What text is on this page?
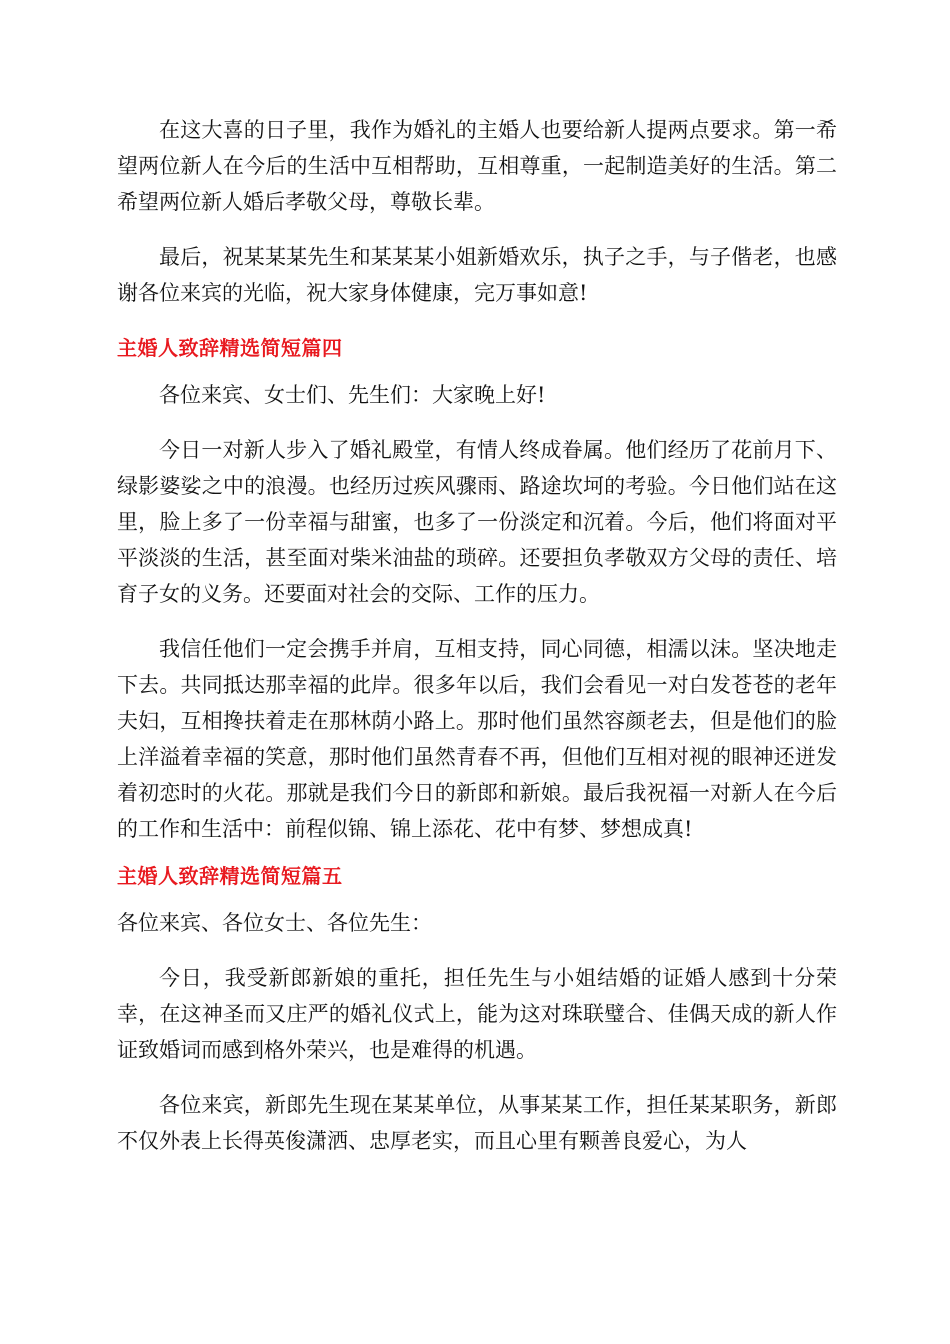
在这大喜的日子里，我作为婚礼的主婚人也要给新人提两点要求。第一希望两位新人在今后的生活中互相帮助，互相尊重，一起制造美好的生活。第二希望两位新人婚后孝敬父母，尊敬长辈。

最后，祝某某某先生和某某某小姐新婚欢乐，执子之手，与子偕老，也感谢各位来宾的光临，祝大家身体健康，完万事如意!

主婚人致辞精选简短篇四

各位来宾、女士们、先生们：大家晚上好!

今日一对新人步入了婚礼殿堂，有情人终成眷属。他们经历了花前月下、绿影婆娑之中的浪漫。也经历过疾风骤雨、路途坎坷的考验。今日他们站在这里，脸上多了一份幸福与甜蜜，也多了一份淡定和沉着。今后，他们将面对平平淡淡的生活，甚至面对柴米油盐的琐碎。还要担负孝敬双方父母的责任、培育子女的义务。还要面对社会的交际、工作的压力。

我信任他们一定会携手并肩，互相支持，同心同德，相濡以沫。坚决地走下去。共同抵达那幸福的此岸。很多年以后，我们会看见一对白发苍苍的老年夫妇，互相搀扶着走在那林荫小路上。那时他们虽然容颜老去，但是他们的脸上洋溢着幸福的笑意，那时他们虽然青春不再，但他们互相对视的眼神还迸发着初恋时的火花。那就是我们今日的新郎和新娘。最后我祝福一对新人在今后的工作和生活中：前程似锦、锦上添花、花中有梦、梦想成真!

主婚人致辞精选简短篇五

各位来宾、各位女士、各位先生：

今日，我受新郎新娘的重托，担任先生与小姐结婚的证婚人感到十分荣幸，在这神圣而又庄严的婚礼仪式上，能为这对珠联璧合、佳偶天成的新人作证致婚词而感到格外荣兴，也是难得的机遇。

各位来宾，新郎先生现在某某单位，从事某某工作，担任某某职务，新郎不仅外表上长得英俊潇洒、忠厚老实，而且心里有颗善良爱心，为人
